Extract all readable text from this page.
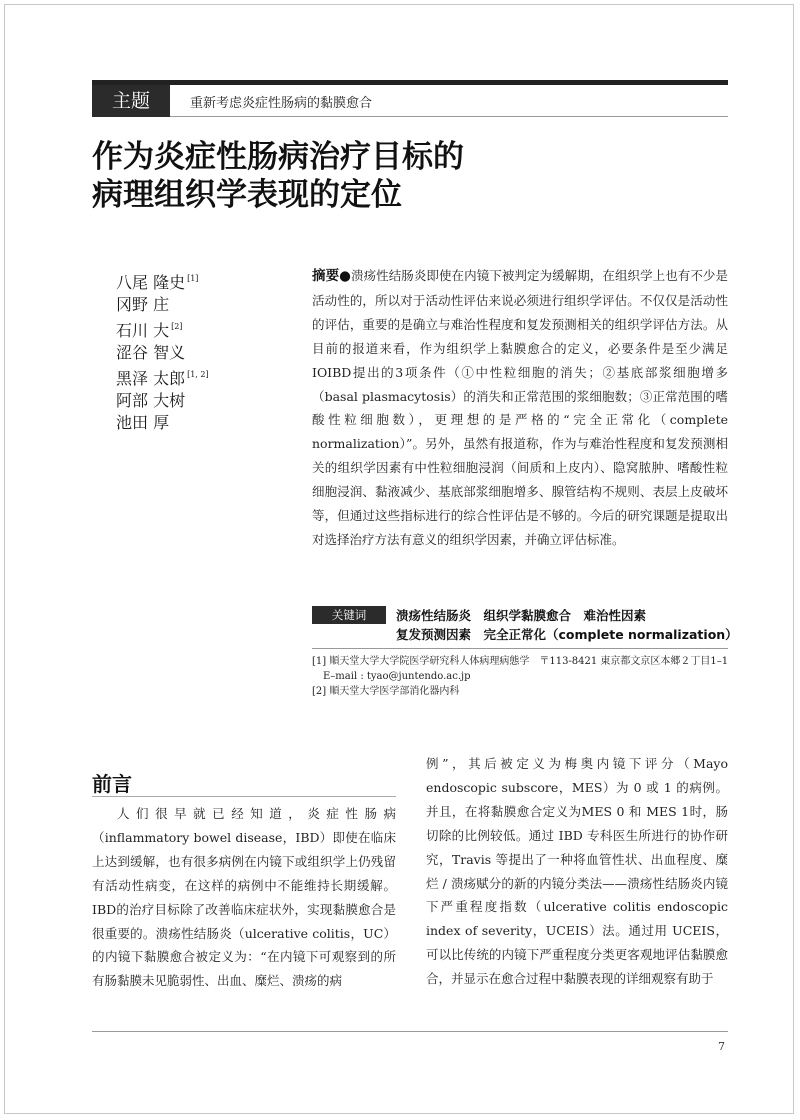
主题	重新考虑炎症性肠病的黏膜愈合
作为炎症性肠病治疗目标的
病理组织学表现的定位
八尾 隆史 [1]
冈野 庄
石川 大 [2]
涩谷 智义
黑泽 太郎 [1, 2]
阿部 大树
池田 厚

摘要●溃疡性结肠炎即使在内镜下被判定为缓解期，在组织学上也有不少是活动性的，所以对于活动性评估来说必须进行组织学评估。不仅仅是活动性的评估，重要的是确立与难治性程度和复发预测相关的组织学评估方法。从目前的报道来看，作为组织学上黏膜愈合的定义，必要条件是至少满足IOIBD提出的3项条件（①中性粒细胞的消失；②基底部浆细胞增多（basal plasmacytosis）的消失和正常范围的浆细胞数；③正常范围的嗜酸性粒细胞数），更理想的是严格的“完全正常化（complete normalization）”。另外，虽然有报道称，作为与难治性程度和复发预测相关的组织学因素有中性粒细胞浸润（间质和上皮内）、隐窝脓肿、嗜酸性粒细胞浸润、黏液减少、基底部浆细胞增多、腺管结构不规则、表层上皮破坏等，但通过这些指标进行的综合性评估是不够的。今后的研究课题是提取出对选择治疗方法有意义的组织学因素，并确立评估标准。

关键词	溃疡性结肠炎　组织学黏膜愈合　难治性因素
复发预测因素　完全正常化（complete normalization）

[1] 順天堂大学大学院医学研究科人体病理病態学　〒113-8421 東京都文京区本郷２丁目1–1　E–mail : tyao@juntendo.ac.jp

[2] 順天堂大学医学部消化器内科

前言

人们很早就已经知道，炎症性肠病（inflammatory bowel disease，IBD）即使在临床上达到缓解，也有很多病例在内镜下或组织学上仍残留有活动性病变，在这样的病例中不能维持长期缓解。IBD的治疗目标除了改善临床症状外，实现黏膜愈合是很重要的。溃疡性结肠炎（ulcerative colitis，UC）的内镜下黏膜愈合被定义为：“在内镜下可观察到的所有肠黏膜未见脆弱性、出血、糜烂、溃疡的病

例”，其后被定义为梅奥内镜下评分（Mayo endoscopic subscore，MES）为 0 或 1 的病例。并且，在将黏膜愈合定义为MES 0 和 MES 1时，肠切除的比例较低。通过 IBD 专科医生所进行的协作研究，Travis 等提出了一种将血管性状、出血程度、糜烂 / 溃疡赋分的新的内镜分类法——溃疡性结肠炎内镜下严重程度指数（ulcerative colitis endoscopic index of severity，UCEIS）法。通过用 UCEIS，可以比传统的内镜下严重程度分类更客观地评估黏膜愈合，并显示在愈合过程中黏膜表现的详细观察有助于

7
